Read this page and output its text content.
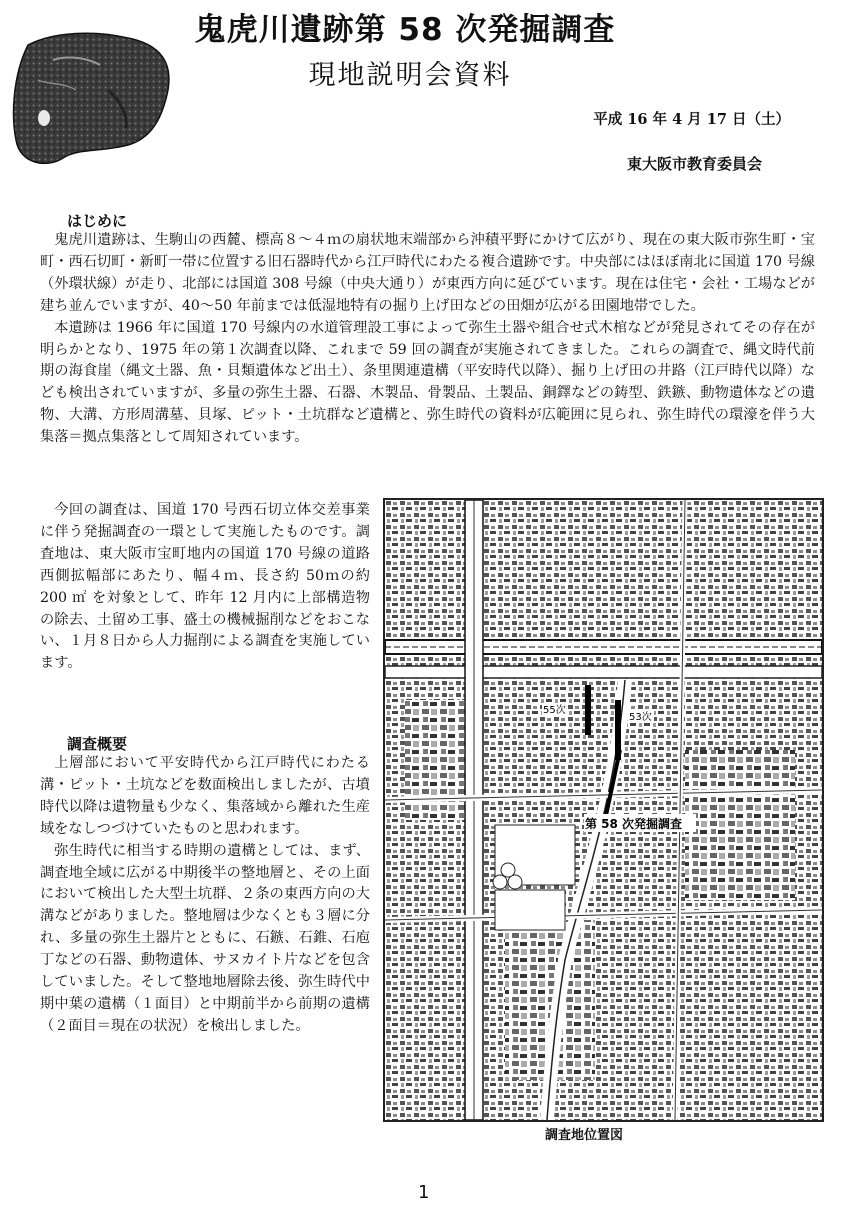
鬼虎川遺跡第 58 次発掘調査
現地説明会資料
平成 16 年 4 月 17 日（土）
東大阪市教育委員会
はじめに

鬼虎川遺跡は、生駒山の西麓、標高８～４ｍの扇状地末端部から沖積平野にかけて広がり、現在の東大阪市弥生町・宝町・西石切町・新町一帯に位置する旧石器時代から江戸時代にわたる複合遺跡です。中央部にはほぼ南北に国道 170 号線（外環状線）が走り、北部には国道 308 号線（中央大通り）が東西方向に延びています。現在は住宅・会社・工場などが建ち並んでいますが、40～50 年前までは低湿地特有の掘り上げ田などの田畑が広がる田園地帯でした。

本遺跡は 1966 年に国道 170 号線内の水道管理設工事によって弥生土器や組合せ式木棺などが発見されてその存在が明らかとなり、1975 年の第１次調査以降、これまで 59 回の調査が実施されてきました。これらの調査で、縄文時代前期の海食崖（縄文土器、魚・貝類遺体など出土）、条里関連遺構（平安時代以降）、掘り上げ田の井路（江戸時代以降）なども検出されていますが、多量の弥生土器、石器、木製品、骨製品、土製品、銅鐸などの鋳型、鉄鏃、動物遺体などの遺物、大溝、方形周溝墓、貝塚、ピット・土坑群など遺構と、弥生時代の資料が広範囲に見られ、弥生時代の環濠を伴う大集落＝拠点集落として周知されています。

今回の調査は、国道 170 号西石切立体交差事業に伴う発掘調査の一環として実施したものです。調査地は、東大阪市宝町地内の国道 170 号線の道路西側拡幅部にあたり、幅４ｍ、長さ約 50ｍの約 200 ㎡ を対象として、昨年 12 月内に上部構造物の除去、土留め工事、盛土の機械掘削などをおこない、１月８日から人力掘削による調査を実施しています。

調査概要

上層部において平安時代から江戸時代にわたる溝・ピット・土坑などを数面検出しましたが、古墳時代以降は遺物量も少なく、集落域から離れた生産域をなしつづけていたものと思われます。

弥生時代に相当する時期の遺構としては、まず、調査地全域に広がる中期後半の整地層と、その上面において検出した大型土坑群、２条の東西方向の大溝などがありました。整地層は少なくとも３層に分れ、多量の弥生土器片とともに、石鏃、石錐、石庖丁などの石器、動物遺体、サヌカイト片などを包含していました。そして整地地層除去後、弥生時代中期中葉の遺構（１面目）と中期前半から前期の遺構（２面目＝現在の状況）を検出しました。

第 58 次発掘調査
55次
53次
調査地位置図
1
